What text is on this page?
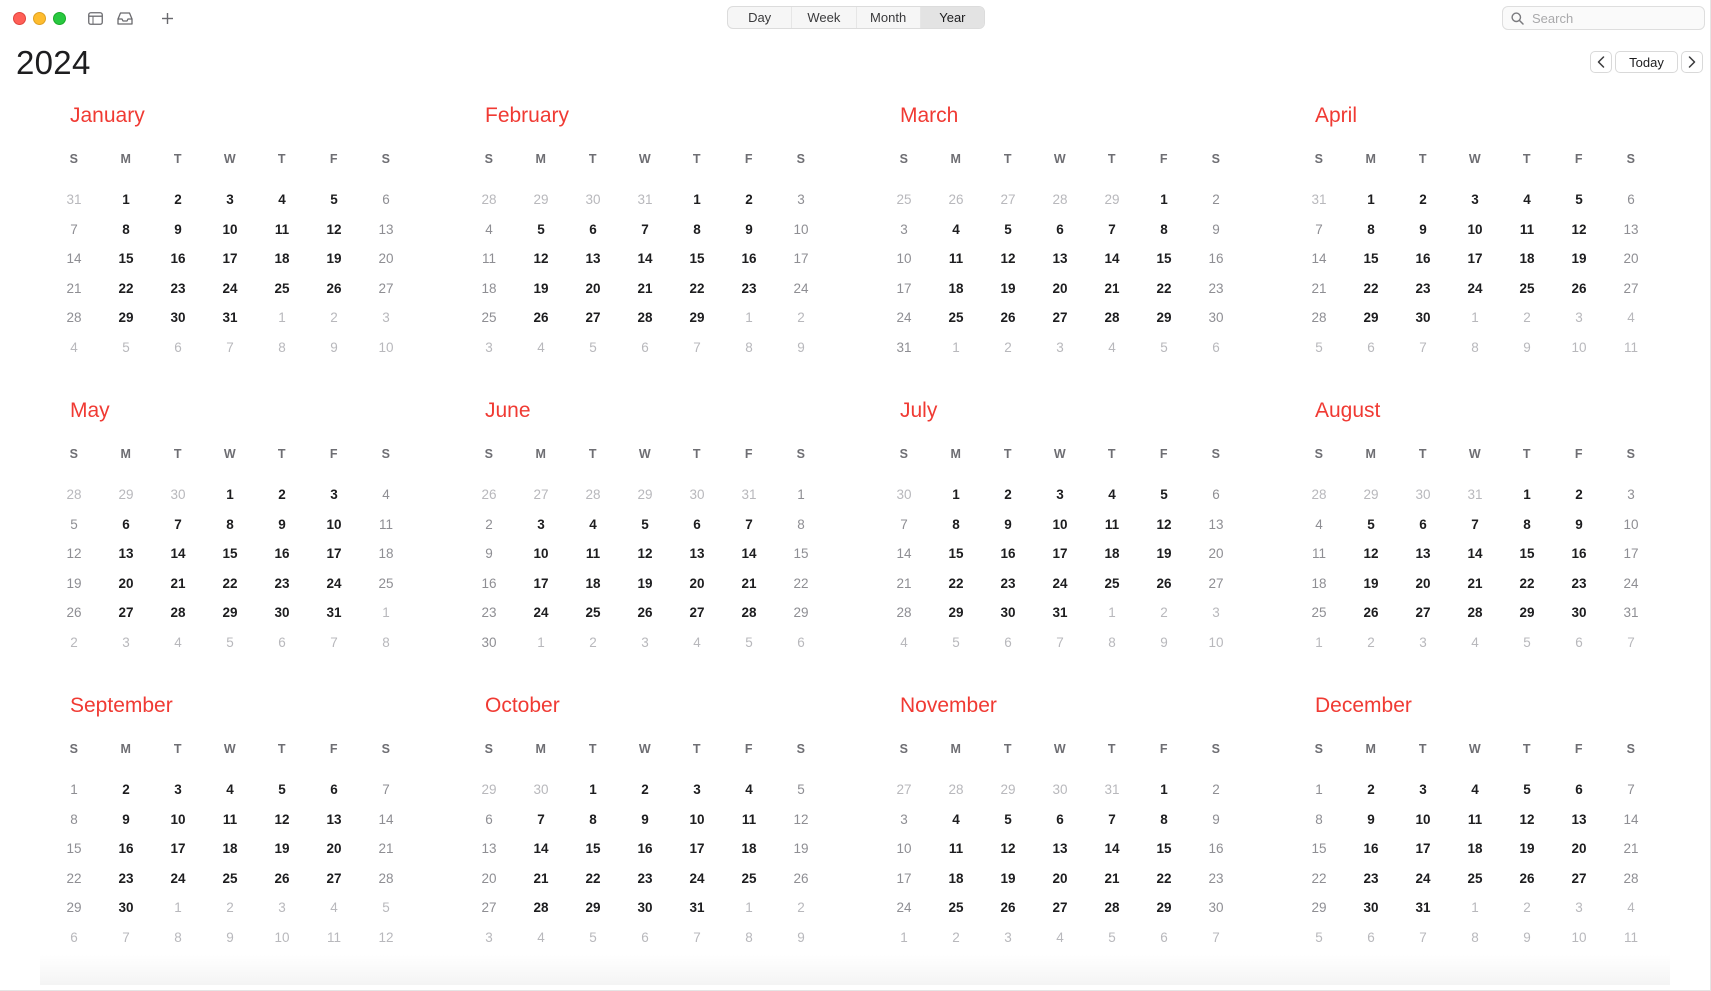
Day	Week	Month	Year
Search
2024	Today
January
S	M	T	W	T	F	S
31	1	2	3	4	5	6
7	8	9	10	11	12	13
14	15	16	17	18	19	20
21	22	23	24	25	26	27
28	29	30	31	1	2	3
4	5	6	7	8	9	10
February
S	M	T	W	T	F	S
28	29	30	31	1	2	3
4	5	6	7	8	9	10
11	12	13	14	15	16	17
18	19	20	21	22	23	24
25	26	27	28	29	1	2
3	4	5	6	7	8	9
March
S	M	T	W	T	F	S
25	26	27	28	29	1	2
3	4	5	6	7	8	9
10	11	12	13	14	15	16
17	18	19	20	21	22	23
24	25	26	27	28	29	30
31	1	2	3	4	5	6
April
S	M	T	W	T	F	S
31	1	2	3	4	5	6
7	8	9	10	11	12	13
14	15	16	17	18	19	20
21	22	23	24	25	26	27
28	29	30	1	2	3	4
5	6	7	8	9	10	11
May
S	M	T	W	T	F	S
28	29	30	1	2	3	4
5	6	7	8	9	10	11
12	13	14	15	16	17	18
19	20	21	22	23	24	25
26	27	28	29	30	31	1
2	3	4	5	6	7	8
June
S	M	T	W	T	F	S
26	27	28	29	30	31	1
2	3	4	5	6	7	8
9	10	11	12	13	14	15
16	17	18	19	20	21	22
23	24	25	26	27	28	29
30	1	2	3	4	5	6
July
S	M	T	W	T	F	S
30	1	2	3	4	5	6
7	8	9	10	11	12	13
14	15	16	17	18	19	20
21	22	23	24	25	26	27
28	29	30	31	1	2	3
4	5	6	7	8	9	10
August
S	M	T	W	T	F	S
28	29	30	31	1	2	3
4	5	6	7	8	9	10
11	12	13	14	15	16	17
18	19	20	21	22	23	24
25	26	27	28	29	30	31
1	2	3	4	5	6	7
September
S	M	T	W	T	F	S
1	2	3	4	5	6	7
8	9	10	11	12	13	14
15	16	17	18	19	20	21
22	23	24	25	26	27	28
29	30	1	2	3	4	5
6	7	8	9	10	11	12
October
S	M	T	W	T	F	S
29	30	1	2	3	4	5
6	7	8	9	10	11	12
13	14	15	16	17	18	19
20	21	22	23	24	25	26
27	28	29	30	31	1	2
3	4	5	6	7	8	9
November
S	M	T	W	T	F	S
27	28	29	30	31	1	2
3	4	5	6	7	8	9
10	11	12	13	14	15	16
17	18	19	20	21	22	23
24	25	26	27	28	29	30
1	2	3	4	5	6	7
December
S	M	T	W	T	F	S
1	2	3	4	5	6	7
8	9	10	11	12	13	14
15	16	17	18	19	20	21
22	23	24	25	26	27	28
29	30	31	1	2	3	4
5	6	7	8	9	10	11
